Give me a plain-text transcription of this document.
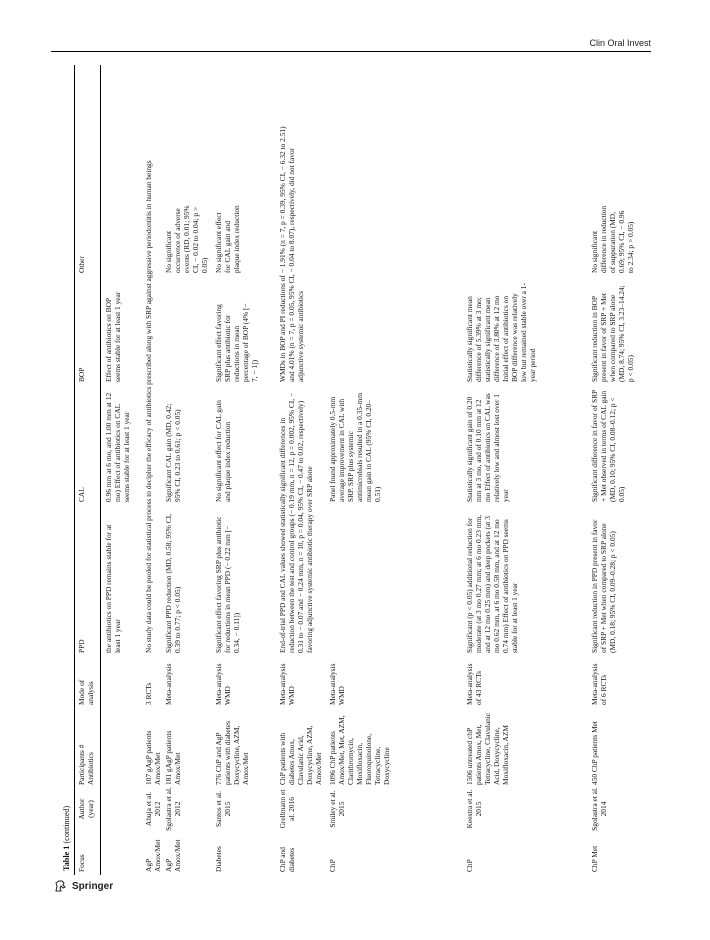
Clin Oral Invest
Table 1 (continued)
Focus
Author (year)
Participants # Antibiotics
Mode of analysis
PPD
CAL
BOP
Other
the antibiotics on PPD remains stable for at least 1 year
0.96 mm at 6 mo, and 1.00 mm at 12 mo) Effect of antibiotics on CAL seems stable for at least 1 year
Effect of antibiotics on BOP seems stable for at least 1 year
AgP Amox/Met
Ahuja et al. 2012
107 gAgP patients Amox/Met
3 RCTs
No study data could be pooled for statistical process to decipher the efficacy of antibiotics prescribed along with SRP against aggressive periodontitis in human beings
AgP Amox/Met
Sgolastra et al. 2012
181 gAgP patients Amox/Met
Meta-analysis
Significant PPD reduction (MD, 0.58; 95% CI, 0.39 to 0.77; p < 0.05)
Significant CAL gain (MD, 0.42; 95% CI, 0.23 to 0.61; p < 0.05)
No significant occurrence of adverse events (RD, 0.01; 95% CI, − 0.02 to 0.04; p > 0.05)
Diabetes
Santos et al. 2015
776 ChP and AgP patients with diabetes Doxycycline, AZM, Amox/Met
Meta-analysis WMD
Significant effect favoring SRP plus antibiotic for reductions in mean PPD (− 0.22 mm [− 0.34, − 0.11])
No significant effect for CAL gain and plaque index reduction
Significant effect favoring SRP plus antibiotic for reductions in mean percentage of BOP (4% [− 7, − 1])
No significant effect for CAL gain and plaque index reduction
ChP and diabetes
Grellmann et al. 2016
ChP patients with diabetes Amox, Clavulanic Acid, Doxycycline, AZM, Amox/Met
Meta-analysis WMD
End-of-trial PPD and CAL values showed statistically significant differences in reduction between the test and control groups (− 0.19 mm, n = 12, p = 0.002, 95% CI, − 0.31 to − 0.07 and − 0.24 mm, n = 10, p = 0.04, 95% CI, − 0.47 to 0.02, respectively) favoring adjunctive systemic antibiotic therapy over SRP alone
WMDs in BOP and PI reductions of − 1.91% (n = 7, p = 0.39, 95% CI, − 6.32 to 2.51) and 4.01% (n = 7, p = 0.05, 95% CI, − 0.04 to 8.07), respectively, did not favor adjunctive systemic antibiotics
ChP
Smiley et al. 2015
1096 ChP patients Amox/Met, Met, AZM, Clarithromycin, Moxifloxacin, Fluoroquinolone, Tetracycline, Doxycycline
Meta-analysis WMD
Panel found approximately 0.5-mm average improvement in CAL with SRP. SRP plus systemic antimicrobials resulted in a 0.35-mm mean gain in CAL (95% CI, 0.20–0.51)
ChP
Keestra et al. 2015
1506 untreated chP patients Amox, Met, Tetracycline, Clavulanic Acid, Doxycycline, Moxifloxacin, AZM
Meta-analysis of 43 RCTs
Significant (p < 0.05) additional reduction for moderate (at 3 mo 0.27 mm; at 6 mo 0.23 mm, and at 12 mo 0.25 mm) and deep pockets (at 3 mo 0.62 mm, at 6 mo 0.58 mm, and at 12 mo 0.74 mm) Effect of antibiotics on PPD seems stable for at least 1 year
Statistically significant gain of 0.20 mm at 3 mo, and of 0.10 mm at 12 mo Effect of antibiotics on CAL was relatively low and almost lost over 1 year
Statistically significant mean difference of 5.39% at 3 mo; statistically significant mean difference of 3.80% at 12 mo Initial effect of antibiotics on BOP difference was relatively low but remained stable over a 1-year period
ChP Met
Sgolastra et al. 2014
450 ChP patients Met
Meta-analysis of 6 RCTs
Significant reduction in PPD present in favor of SRP + Met when compared to SRP alone (MD, 0.18; 95% CI, 0.09–0.28; p < 0.05)
Significant difference in favor of SRP + Met observed in terms of CAL gain (MD, 0.10; 95% CI, 0.08–0.12; p < 0.05)
Significant reduction in BOP present in favor of SRP + Met when compared to SRP alone (MD, 8.74; 95% CI, 3.23–14.24; p < 0.05)
No significant difference in reduction of suppuration (MD, 0.69; 95% CI, − 0.96 to 2.34; p > 0.05)
Springer
